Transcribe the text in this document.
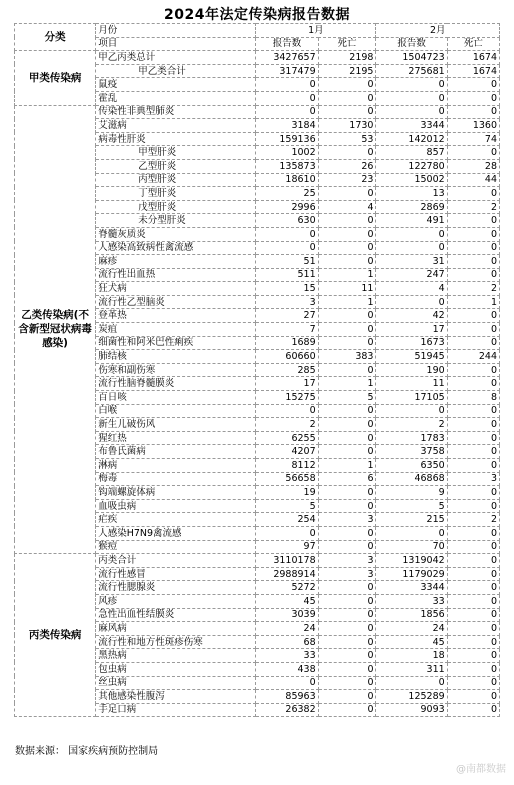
2024年法定传染病报告数据
分类	月份	1月		2月	
	项目	报告数	死亡	报告数	死亡
甲类传染病	甲乙丙类总计	3427657	2198	1504723	1674
	甲乙类合计	317479	2195	275681	1674
	鼠疫	0	0	0	0
	霍乱	0	0	0	0
乙类传染病(不含新型冠状病毒感染)	传染性非典型肺炎	0	0	0	0
	艾滋病	3184	1730	3344	1360
	病毒性肝炎	159136	53	142012	74
	甲型肝炎	1002	0	857	0
	乙型肝炎	135873	26	122780	28
	丙型肝炎	18610	23	15002	44
	丁型肝炎	25	0	13	0
	戊型肝炎	2996	4	2869	2
	未分型肝炎	630	0	491	0
	脊髓灰质炎	0	0	0	0
	人感染高致病性禽流感	0	0	0	0
	麻疹	51	0	31	0
	流行性出血热	511	1	247	0
	狂犬病	15	11	4	2
	流行性乙型脑炎	3	1	0	1
	登革热	27	0	42	0
	炭疽	7	0	17	0
	细菌性和阿米巴性痢疾	1689	0	1673	0
	肺结核	60660	383	51945	244
	伤寒和副伤寒	285	0	190	0
	流行性脑脊髓膜炎	17	1	11	0
	百日咳	15275	5	17105	8
	白喉	0	0	0	0
	新生儿破伤风	2	0	2	0
	猩红热	6255	0	1783	0
	布鲁氏菌病	4207	0	3758	0
	淋病	8112	1	6350	0
	梅毒	56658	6	46868	3
	钩端螺旋体病	19	0	9	0
	血吸虫病	5	0	5	0
	疟疾	254	3	215	2
	人感染H7N9禽流感	0	0	0	0
	猴痘	97	0	70	0
丙类传染病	丙类合计	3110178	3	1319042	0
	流行性感冒	2988914	3	1179029	0
	流行性腮腺炎	5272	0	3344	0
	风疹	45	0	33	0
	急性出血性结膜炎	3039	0	1856	0
	麻风病	24	0	24	0
	流行性和地方性斑疹伤寒	68	0	45	0
	黑热病	33	0	18	0
	包虫病	438	0	311	0
	丝虫病	0	0	0	0
	其他感染性腹泻	85963	0	125289	0
	手足口病	26382	0	9093	0
数据来源： 国家疾病预防控制局
@南都数据
